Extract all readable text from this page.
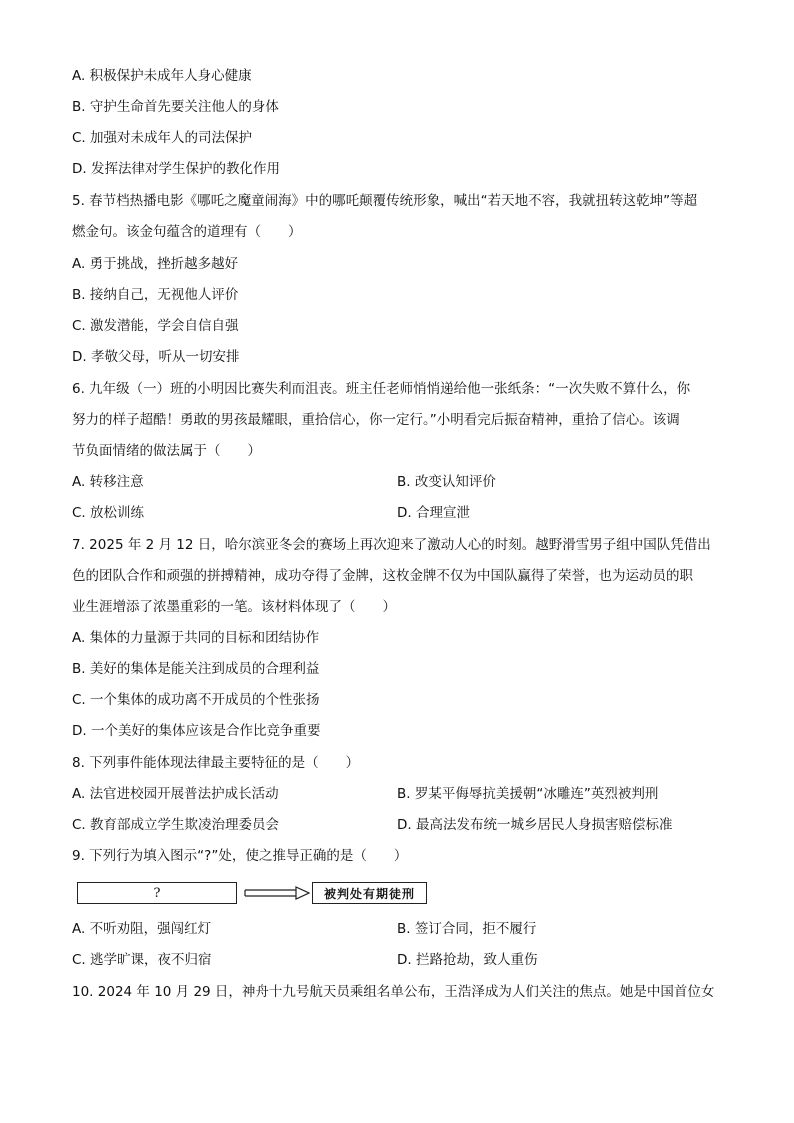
A. 积极保护未成年人身心健康
B. 守护生命首先要关注他人的身体
C. 加强对未成年人的司法保护
D. 发挥法律对学生保护的教化作用
5. 春节档热播电影《哪吒之魔童闹海》中的哪吒颠覆传统形象，喊出“若天地不容，我就扭转这乾坤”等超
燃金句。该金句蕴含的道理有（　　）
A. 勇于挑战，挫折越多越好
B. 接纳自己，无视他人评价
C. 激发潜能，学会自信自强
D. 孝敬父母，听从一切安排
6. 九年级（一）班的小明因比赛失利而沮丧。班主任老师悄悄递给他一张纸条：“一次失败不算什么，你
努力的样子超酷！勇敢的男孩最耀眼，重拾信心，你一定行。”小明看完后振奋精神，重拾了信心。该调
节负面情绪的做法属于（　　）
A. 转移注意	B. 改变认知评价
C. 放松训练	D. 合理宣泄
7. 2025 年 2 月 12 日，哈尔滨亚冬会的赛场上再次迎来了激动人心的时刻。越野滑雪男子组中国队凭借出
色的团队合作和顽强的拼搏精神，成功夺得了金牌，这枚金牌不仅为中国队赢得了荣誉，也为运动员的职
业生涯增添了浓墨重彩的一笔。该材料体现了（　　）
A. 集体的力量源于共同的目标和团结协作
B. 美好的集体是能关注到成员的合理利益
C. 一个集体的成功离不开成员的个性张扬
D. 一个美好的集体应该是合作比竞争重要
8. 下列事件能体现法律最主要特征的是（　　）
A. 法官进校园开展普法护成长活动	B. 罗某平侮辱抗美援朝“冰雕连”英烈被判刑
C. 教育部成立学生欺凌治理委员会	D. 最高法发布统一城乡居民人身损害赔偿标准
9. 下列行为填入图示“?”处，使之推导正确的是（　　）
?	被判处有期徒刑
A. 不听劝阻，强闯红灯	B. 签订合同，拒不履行
C. 逃学旷课，夜不归宿	D. 拦路抢劫，致人重伤
10. 2024 年 10 月 29 日，神舟十九号航天员乘组名单公布，王浩泽成为人们关注的焦点。她是中国首位女
